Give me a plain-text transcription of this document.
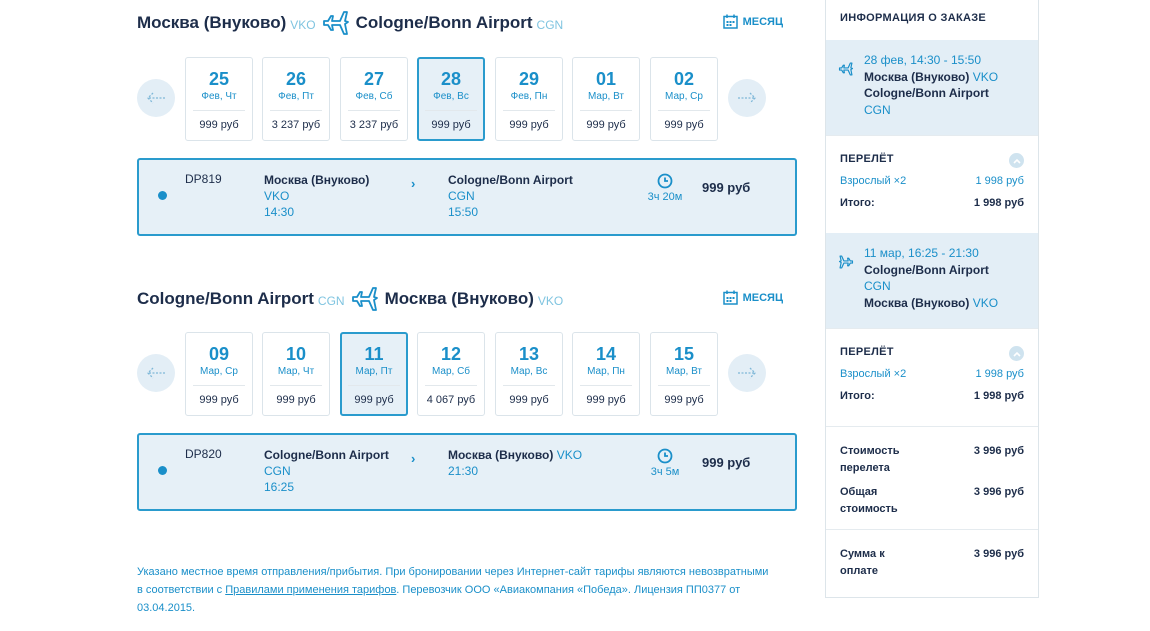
Москва (Внуково) VKO Cologne/Bonn Airport CGN	МЕСЯЦ
25
Фев, Чт
999 руб
26
Фев, Пт
3 237 руб
27
Фев, Сб
3 237 руб
28
Фев, Вс
999 руб
29
Фев, Пн
999 руб
01
Мар, Вт
999 руб
02
Мар, Ср
999 руб
DP819	Москва (Внуково)
VKO
14:30
›	Cologne/Bonn Airport
CGN
15:50
3ч 20м
999 руб
Cologne/Bonn Airport CGN Москва (Внуково) VKO	МЕСЯЦ
09
Мар, Ср
999 руб
10
Мар, Чт
999 руб
11
Мар, Пт
999 руб
12
Мар, Сб
4 067 руб
13
Мар, Вс
999 руб
14
Мар, Пн
999 руб
15
Мар, Вт
999 руб
DP820	Cologne/Bonn Airport
CGN
16:25
›	Москва (Внуково) VKO
21:30	3ч 5м
999 руб
Указано местное время отправления/прибытия. При бронировании через Интернет-сайт тарифы являются невозвратными в соответствии с Правилами применения тарифов. Перевозчик ООО «Авиакомпания «Победа». Лицензия ПП0377 от 03.04.2015.
ИНФОРМАЦИЯ О ЗАКАЗЕ
28 фев, 14:30 - 15:50
Москва (Внуково) VKO
Cologne/Bonn Airport
CGN
ПЕРЕЛЁТ
Взрослый ×2	1 998 руб
Итого:	1 998 руб
11 мар, 16:25 - 21:30
Cologne/Bonn Airport
CGN
Москва (Внуково) VKO
ПЕРЕЛЁТ
Взрослый ×2	1 998 руб
Итого:	1 998 руб
Стоимость
перелета
3 996 руб
Общая
стоимость
3 996 руб
Сумма к
оплате
3 996 руб
